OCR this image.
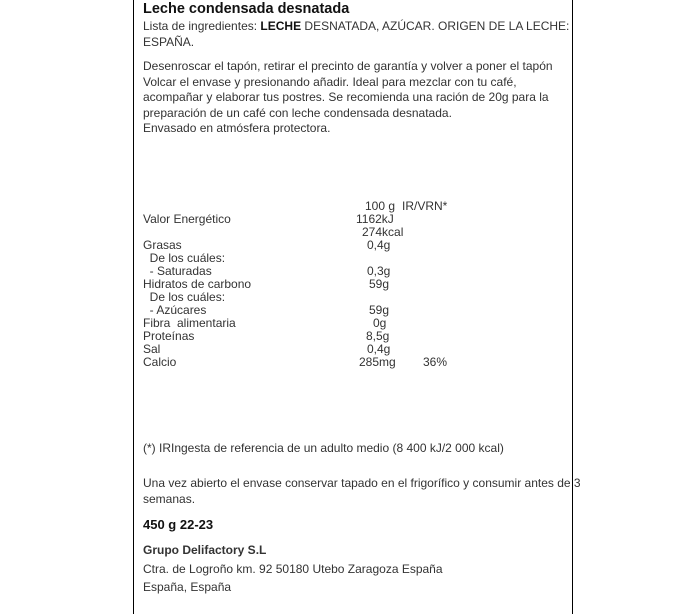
Leche condensada desnatada
Lista de ingredientes: LECHE DESNATADA, AZÚCAR. ORIGEN DE LA LECHE:
ESPAÑA.
Desenroscar el tapón, retirar el precinto de garantía y volver a poner el tapón
Volcar el envase y presionando añadir. Ideal para mezclar con tu café,
acompañar y elaborar tus postres. Se recomienda una ración de 20g para la
preparación de un café con leche condensada desnatada.
Envasado en atmósfera protectora.
100 g IR/VRN*
Valor Energético	1162kJ
274kcal
Grasas	0,4g
De los cuáles:
- Saturadas	0,3g
Hidratos de carbono	59g
De los cuáles:
- Azúcares	59g
Fibra  alimentaria	0g
Proteínas	8,5g
Sal	0,4g
Calcio	285mg 36%
(*) IRIngesta de referencia de un adulto medio (8 400 kJ/2 000 kcal)
Una vez abierto el envase conservar tapado en el frigorífico y consumir antes de 3
semanas.
450 g 22-23
Grupo Delifactory S.L
Ctra. de Logroño km. 92 50180 Utebo Zaragoza España
España, España
